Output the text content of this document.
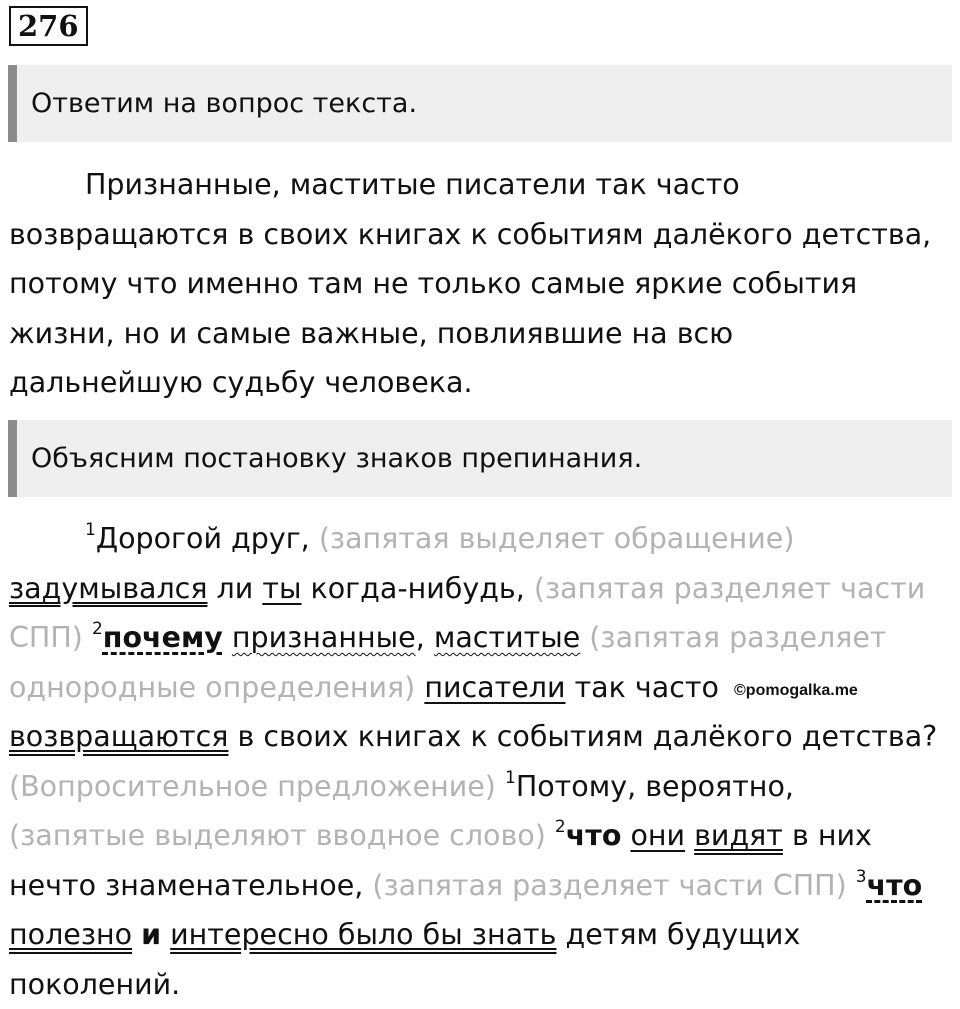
276
Ответим на вопрос текста.
Признанные, маститые писатели так часто
возвращаются в своих книгах к событиям далёкого детства,
потому что именно там не только самые яркие события
жизни, но и самые важные, повлиявшие на всю
дальнейшую судьбу человека.
Объясним постановку знаков препинания.
$^1$Дорогой друг, (запятая выделяет обращение)
задумывался ли ты когда-нибудь, (запятая разделяет части
СПП) $^2$почему признанные, маститые (запятая разделяет
однородные определения) писатели так часто ©pomogalka.me
возвращаются в своих книгах к событиям далёкого детства?
(Вопросительное предложение) $^1$Потому, вероятно,
(запятые выделяют вводное слово) $^2$что они видят в них
нечто знаменательное, (запятая разделяет части СПП) $^3$что
полезно и интересно было бы знать детям будущих
поколений.
